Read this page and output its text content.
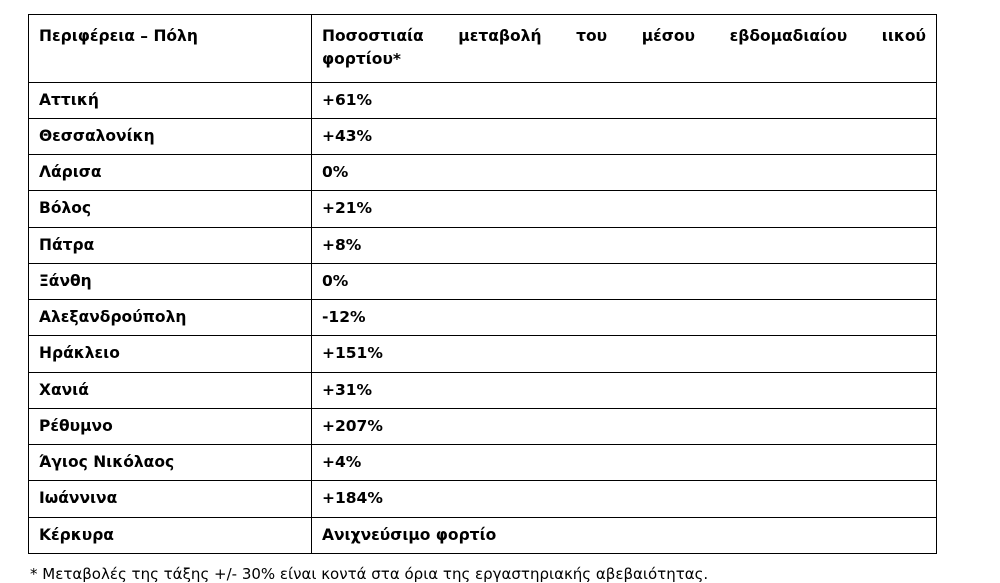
Περιφέρεια – Πόλη	Ποσοστιαία μεταβολή του μέσου εβδομαδιαίου ιικού
φορτίου*

Αττική	+61%
Θεσσαλονίκη	+43%
Λάρισα	0%
Βόλος	+21%
Πάτρα	+8%
Ξάνθη	0%
Αλεξανδρούπολη	-12%
Ηράκλειο	+151%
Χανιά	+31%
Ρέθυμνο	+207%
Άγιος Νικόλαος	+4%
Ιωάννινα	+184%
Κέρκυρα	Ανιχνεύσιμο φορτίο
* Μεταβολές της τάξης +/- 30% είναι κοντά στα όρια της εργαστηριακής αβεβαιότητας.
